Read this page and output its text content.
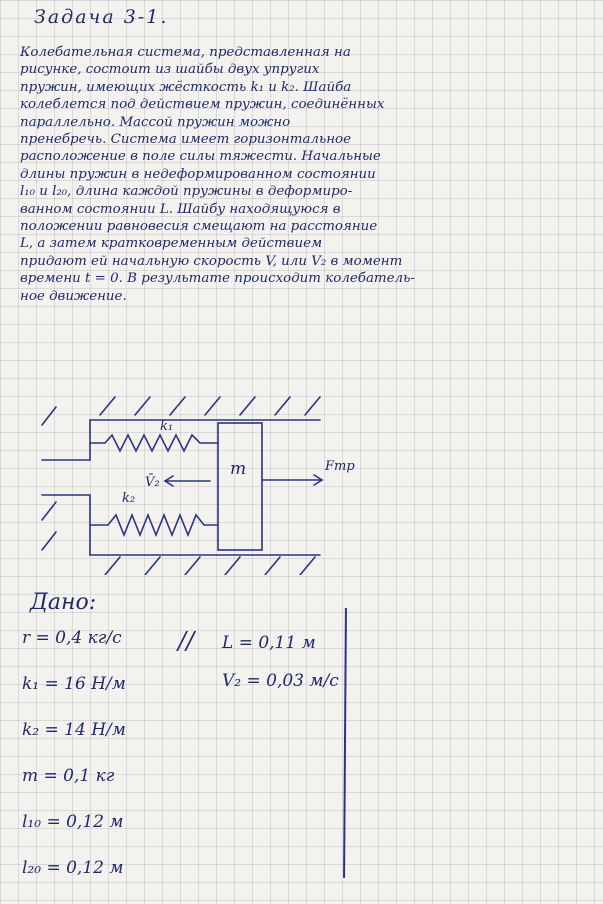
Задача 3-1.
Колебательная система, представленная на
рисунке, состоит из шайбы двух упругих
пружин, имеющих жёсткость k₁ и k₂. Шайба
колеблется под действием пружин, соединённых
параллельно. Массой пружин можно
пренебречь. Система имеет горизонтальное
расположение в поле силы тяжести. Начальные
длины пружин в недеформированном состоянии
l₁₀ и l₂₀, длина каждой пружины в деформиро-
ванном состоянии L. Шайбу находящуюся в
положении равновесия смещают на расстояние
L, а затем кратковременным действием
придают ей начальную скорость V, или V₂ в момент
времени t = 0. В результате происходит колебатель-
ное движение.
k₁
k₂
m
V̄₂
Fтр
Дано:
//
r = 0,4 кг/с
k₁ = 16 Н/м
k₂ = 14 Н/м
m = 0,1 кг
l₁₀ = 0,12 м
l₂₀ = 0,12 м
L = 0,11 м
V₂ = 0,03 м/с
